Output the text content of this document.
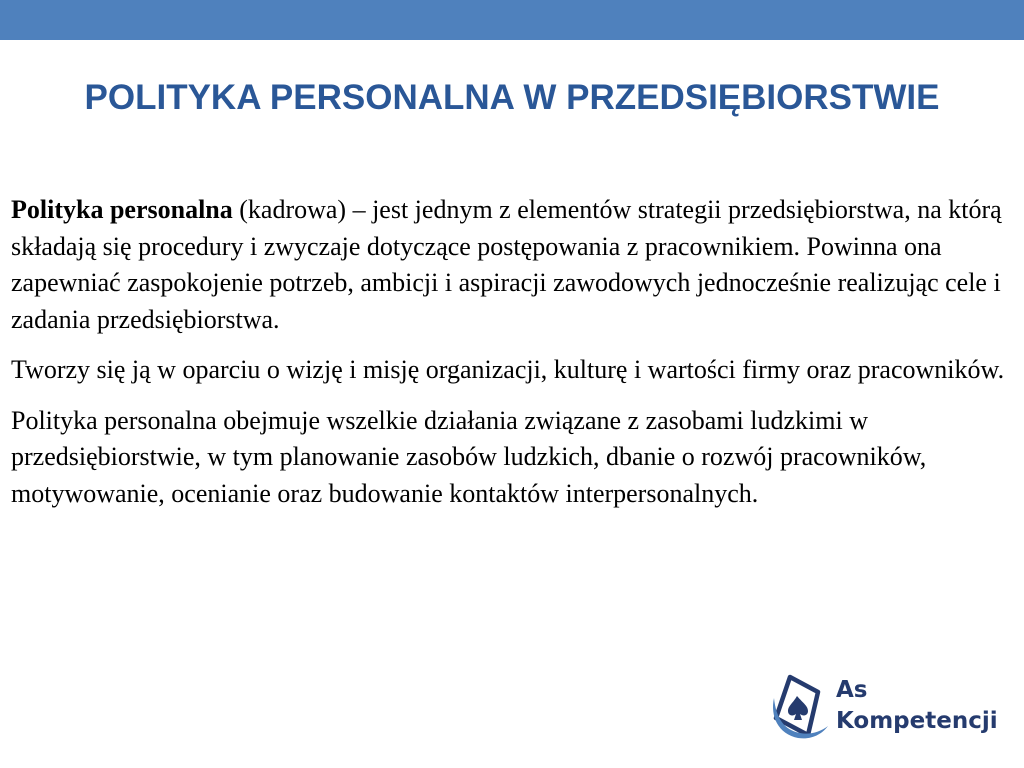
POLITYKA PERSONALNA W PRZEDSIĘBIORSTWIE

Polityka personalna (kadrowa) – jest jednym z elementów strategii przedsiębiorstwa, na którą składają się procedury i zwyczaje dotyczące postępowania z pracownikiem. Powinna ona zapewniać zaspokojenie potrzeb, ambicji i aspiracji zawodowych jednocześnie realizując cele i zadania przedsiębiorstwa.

Tworzy się ją w oparciu o wizję i misję organizacji, kulturę i wartości firmy oraz pracowników.

Polityka personalna obejmuje wszelkie działania związane z zasobami ludzkimi w przedsiębiorstwie, w tym planowanie zasobów ludzkich, dbanie o rozwój pracowników, motywowanie, ocenianie oraz budowanie kontaktów interpersonalnych.

As
Kompetencji
